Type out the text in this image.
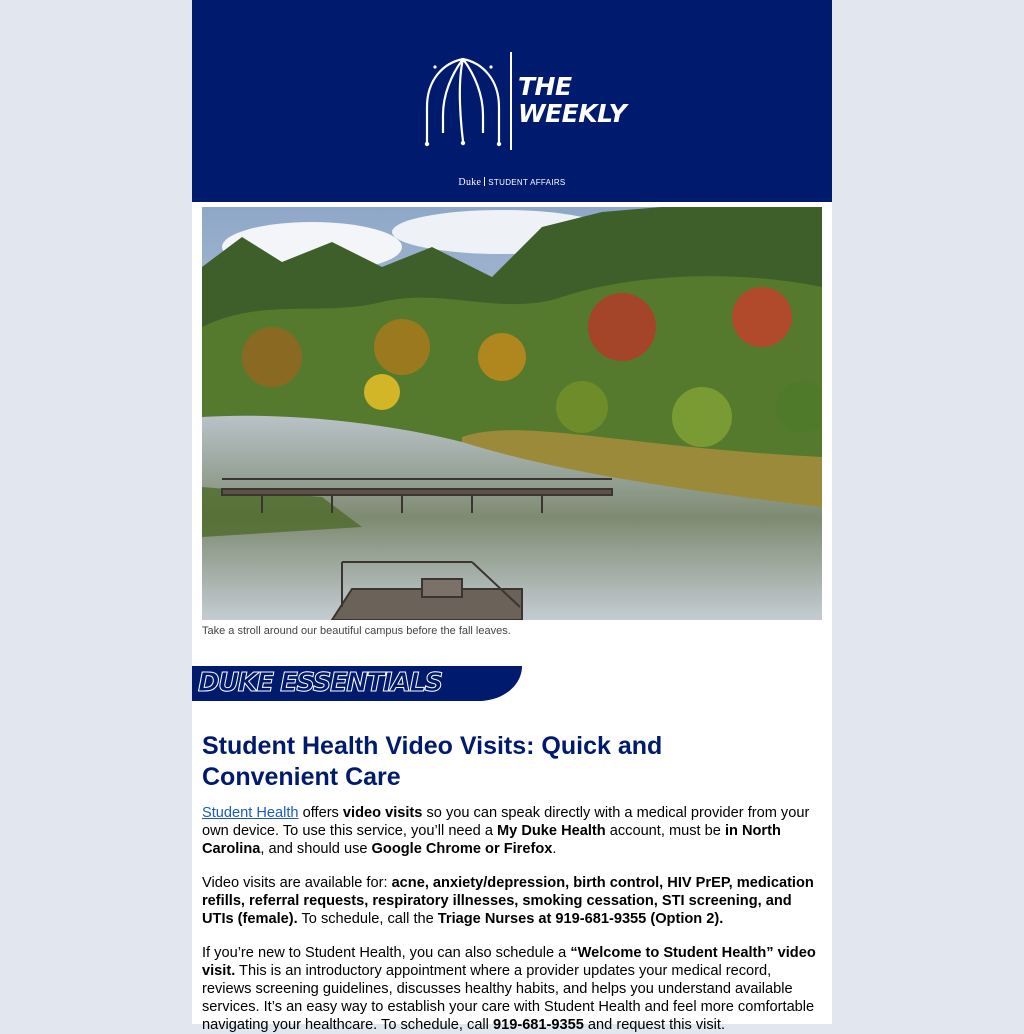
THE
WEEKLY
Duke STUDENT AFFAIRS
Take a stroll around our beautiful campus before the fall leaves.
DUKE ESSENTIALS
Student Health Video Visits: Quick and Convenient Care

Student Health offers video visits so you can speak directly with a medical provider from your own device. To use this service, you’ll need a My Duke Health account, must be in North Carolina, and should use Google Chrome or Firefox.

Video visits are available for: acne, anxiety/depression, birth control, HIV PrEP, medication refills, referral requests, respiratory illnesses, smoking cessation, STI screening, and UTIs (female). To schedule, call the Triage Nurses at 919-681-9355 (Option 2).

If you’re new to Student Health, you can also schedule a “Welcome to Student Health” video visit. This is an introductory appointment where a provider updates your medical record, reviews screening guidelines, discusses healthy habits, and helps you understand available services. It’s an easy way to establish your care with Student Health and feel more comfortable navigating your healthcare. To schedule, call 919-681-9355 and request this visit.
